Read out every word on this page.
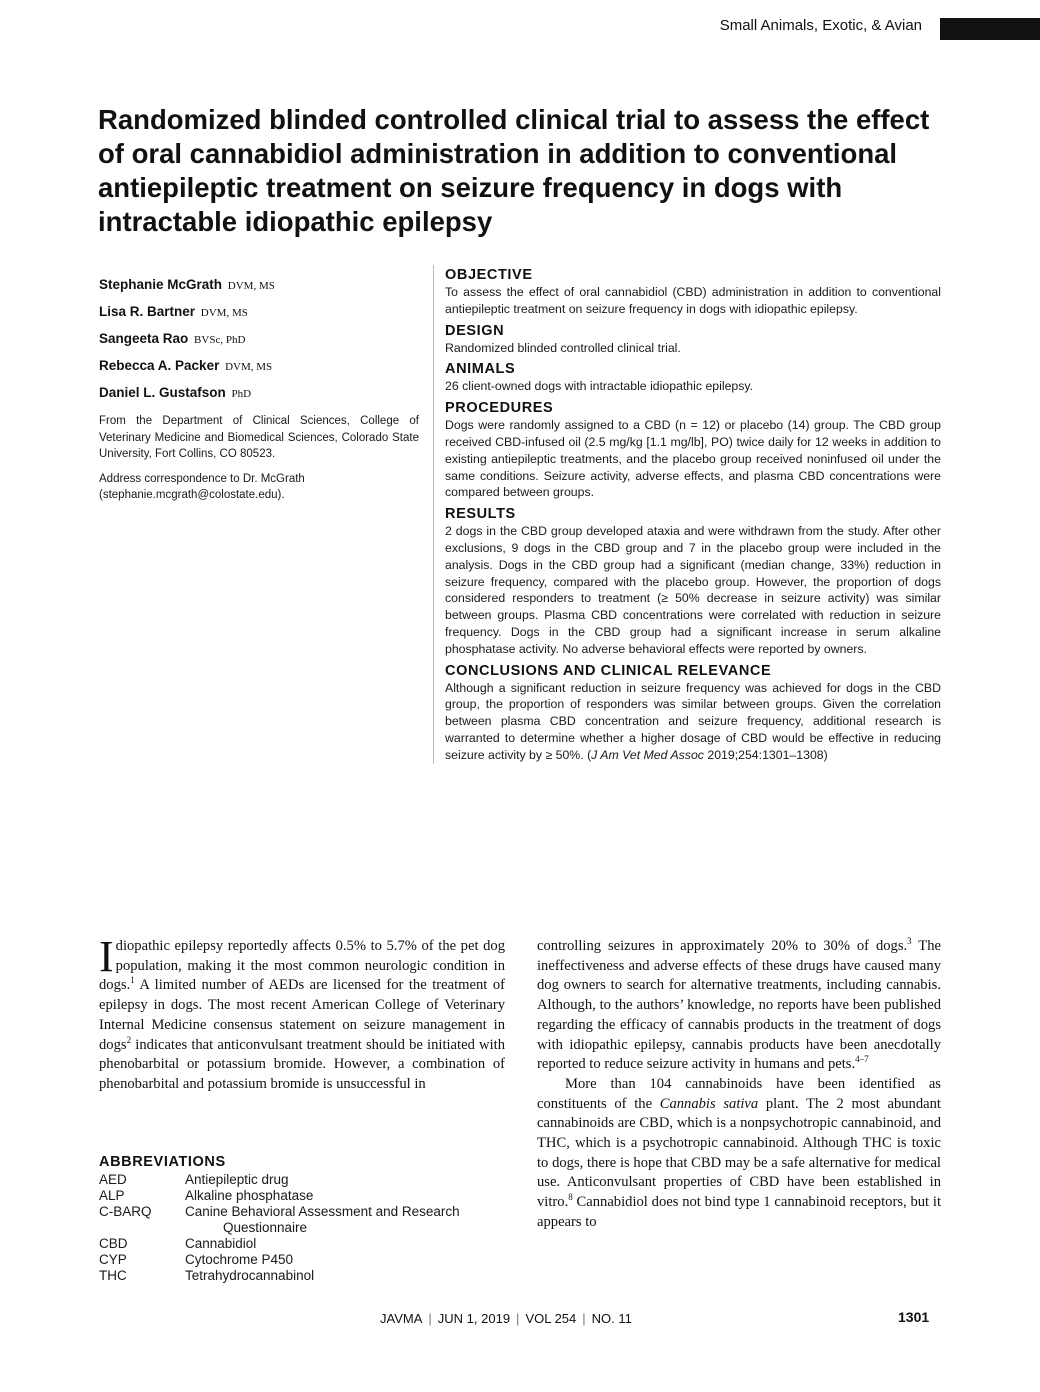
Small Animals, Exotic, & Avian
Randomized blinded controlled clinical trial to assess the effect of oral cannabidiol administration in addition to conventional antiepileptic treatment on seizure frequency in dogs with intractable idiopathic epilepsy
Stephanie McGrath DVM, MS
Lisa R. Bartner DVM, MS
Sangeeta Rao BVSc, PhD
Rebecca A. Packer DVM, MS
Daniel L. Gustafson PhD
From the Department of Clinical Sciences, College of Veterinary Medicine and Biomedical Sciences, Colorado State University, Fort Collins, CO 80523.
Address correspondence to Dr. McGrath (stephanie.mcgrath@colostate.edu).
OBJECTIVE
To assess the effect of oral cannabidiol (CBD) administration in addition to conventional antiepileptic treatment on seizure frequency in dogs with idiopathic epilepsy.
DESIGN
Randomized blinded controlled clinical trial.
ANIMALS
26 client-owned dogs with intractable idiopathic epilepsy.
PROCEDURES
Dogs were randomly assigned to a CBD (n = 12) or placebo (14) group. The CBD group received CBD-infused oil (2.5 mg/kg [1.1 mg/lb], PO) twice daily for 12 weeks in addition to existing antiepileptic treatments, and the placebo group received noninfused oil under the same conditions. Seizure activity, adverse effects, and plasma CBD concentrations were compared between groups.
RESULTS
2 dogs in the CBD group developed ataxia and were withdrawn from the study. After other exclusions, 9 dogs in the CBD group and 7 in the placebo group were included in the analysis. Dogs in the CBD group had a significant (median change, 33%) reduction in seizure frequency, compared with the placebo group. However, the proportion of dogs considered responders to treatment (≥ 50% decrease in seizure activity) was similar between groups. Plasma CBD concentrations were correlated with reduction in seizure frequency. Dogs in the CBD group had a significant increase in serum alkaline phosphatase activity. No adverse behavioral effects were reported by owners.
CONCLUSIONS AND CLINICAL RELEVANCE
Although a significant reduction in seizure frequency was achieved for dogs in the CBD group, the proportion of responders was similar between groups. Given the correlation between plasma CBD concentration and seizure frequency, additional research is warranted to determine whether a higher dosage of CBD would be effective in reducing seizure activity by ≥ 50%. (J Am Vet Med Assoc 2019;254:1301–1308)

Idiopathic epilepsy reportedly affects 0.5% to 5.7% of the pet dog population, making it the most common neurologic condition in dogs.$^1$ A limited number of AEDs are licensed for the treatment of epilepsy in dogs. The most recent American College of Veterinary Internal Medicine consensus statement on seizure management in dogs$^2$ indicates that anticonvulsant treatment should be initiated with phenobarbital or potassium bromide. However, a combination of phenobarbital and potassium bromide is unsuccessful in

controlling seizures in approximately 20% to 30% of dogs.$^3$ The ineffectiveness and adverse effects of these drugs have caused many dog owners to search for alternative treatments, including cannabis. Although, to the authors’ knowledge, no reports have been published regarding the efficacy of cannabis products in the treatment of dogs with idiopathic epilepsy, cannabis products have been anecdotally reported to reduce seizure activity in humans and pets.$^{4-7}$

More than 104 cannabinoids have been identified as constituents of the Cannabis sativa plant. The 2 most abundant cannabinoids are CBD, which is a nonpsychotropic cannabinoid, and THC, which is a psychotropic cannabinoid. Although THC is toxic to dogs, there is hope that CBD may be a safe alternative for medical use. Anticonvulsant properties of CBD have been established in vitro.$^8$ Cannabidiol does not bind type 1 cannabinoid receptors, but it appears to

ABBREVIATIONS
AED	Antiepileptic drug
ALP	Alkaline phosphatase
C-BARQ	Canine Behavioral Assessment and Research
Questionnaire
CBD	Cannabidiol
CYP	Cytochrome P450
THC	Tetrahydrocannabinol
JAVMA | JUN 1, 2019 | VOL 254 | NO. 11	1301
